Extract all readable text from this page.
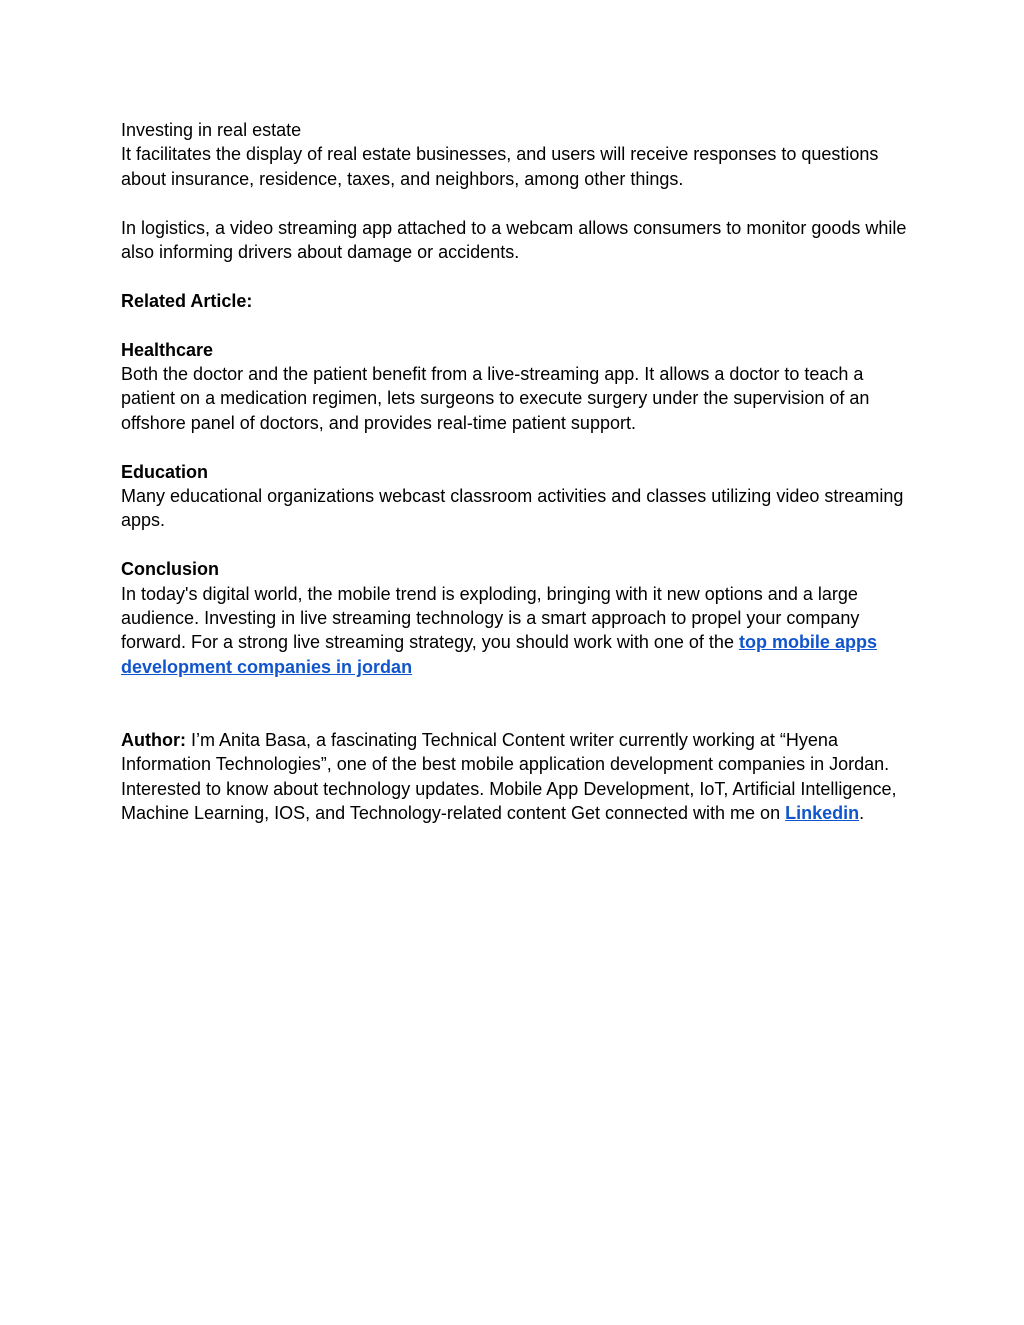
Investing in real estate
It facilitates the display of real estate businesses, and users will receive responses to questions about insurance, residence, taxes, and neighbors, among other things.

In logistics, a video streaming app attached to a webcam allows consumers to monitor goods while also informing drivers about damage or accidents.

Related Article:

Healthcare
Both the doctor and the patient benefit from a live-streaming app. It allows a doctor to teach a patient on a medication regimen, lets surgeons to execute surgery under the supervision of an offshore panel of doctors, and provides real-time patient support.

Education
Many educational organizations webcast classroom activities and classes utilizing video streaming apps.

Conclusion
In today's digital world, the mobile trend is exploding, bringing with it new options and a large audience. Investing in live streaming technology is a smart approach to propel your company forward. For a strong live streaming strategy, you should work with one of the top mobile apps development companies in jordan

Author: I’m Anita Basa, a fascinating Technical Content writer currently working at “Hyena Information Technologies”, one of the best mobile application development companies in Jordan. Interested to know about technology updates. Mobile App Development, IoT, Artificial Intelligence, Machine Learning, IOS, and Technology-related content Get connected with me on Linkedin.
